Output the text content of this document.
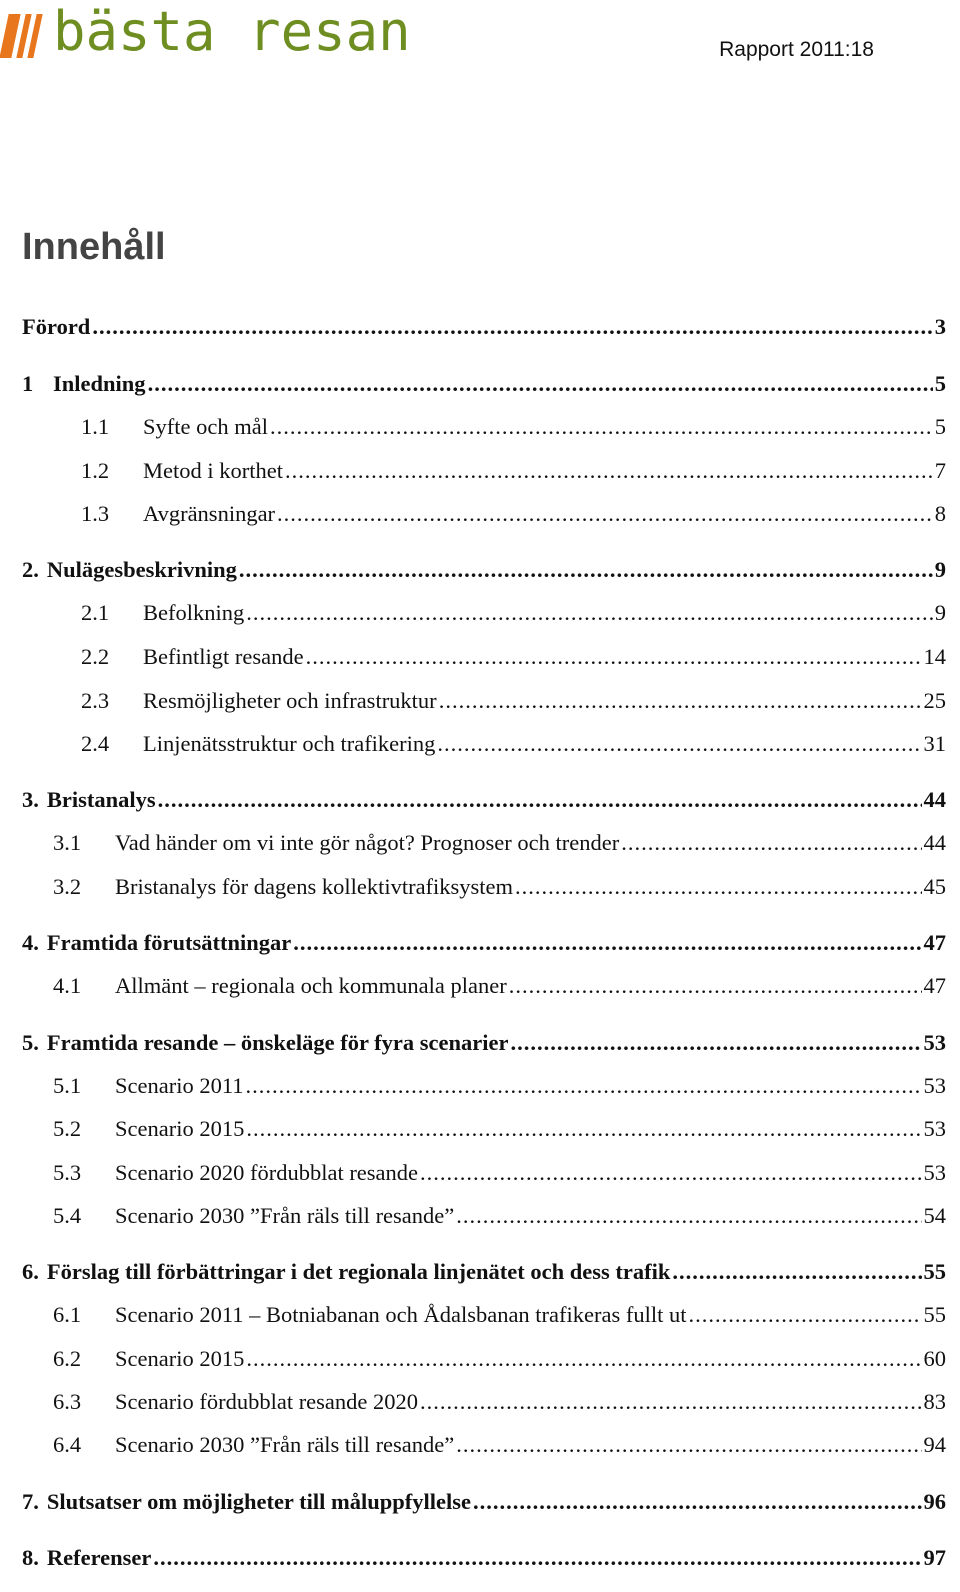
bästa resan	Rapport 2011:18
Innehåll
Förord .....	3
1 Inledning .....	5
1.1	Syfte och mål .....	5
1.2	Metod i korthet .....	7
1.3	Avgränsningar .....	8
2. Nulägesbeskrivning .....	9
2.1	Befolkning .....	9
2.2	Befintligt resande .....	14
2.3	Resmöjligheter och infrastruktur .....	25
2.4	Linjenätsstruktur och trafikering .....	31
3. Bristanalys .....	44
3.1	Vad händer om vi inte gör något? Prognoser och trender .....	44
3.2	Bristanalys för dagens kollektivtrafiksystem .....	45
4. Framtida förutsättningar .....	47
4.1	Allmänt – regionala och kommunala planer .....	47
5. Framtida resande – önskeläge för fyra scenarier .....	53
5.1	Scenario 2011 .....	53
5.2	Scenario 2015 .....	53
5.3	Scenario 2020 fördubblat resande .....	53
5.4	Scenario 2030 ”Från räls till resande” .....	54
6. Förslag till förbättringar i det regionala linjenätet och dess trafik .....	55
6.1	Scenario 2011 – Botniabanan och Ådalsbanan trafikeras fullt ut .....	55
6.2	Scenario 2015 .....	60
6.3	Scenario fördubblat resande 2020 .....	83
6.4	Scenario 2030 ”Från räls till resande” .....	94
7. Slutsatser om möjligheter till måluppfyllelse .....	96
8. Referenser .....	97
